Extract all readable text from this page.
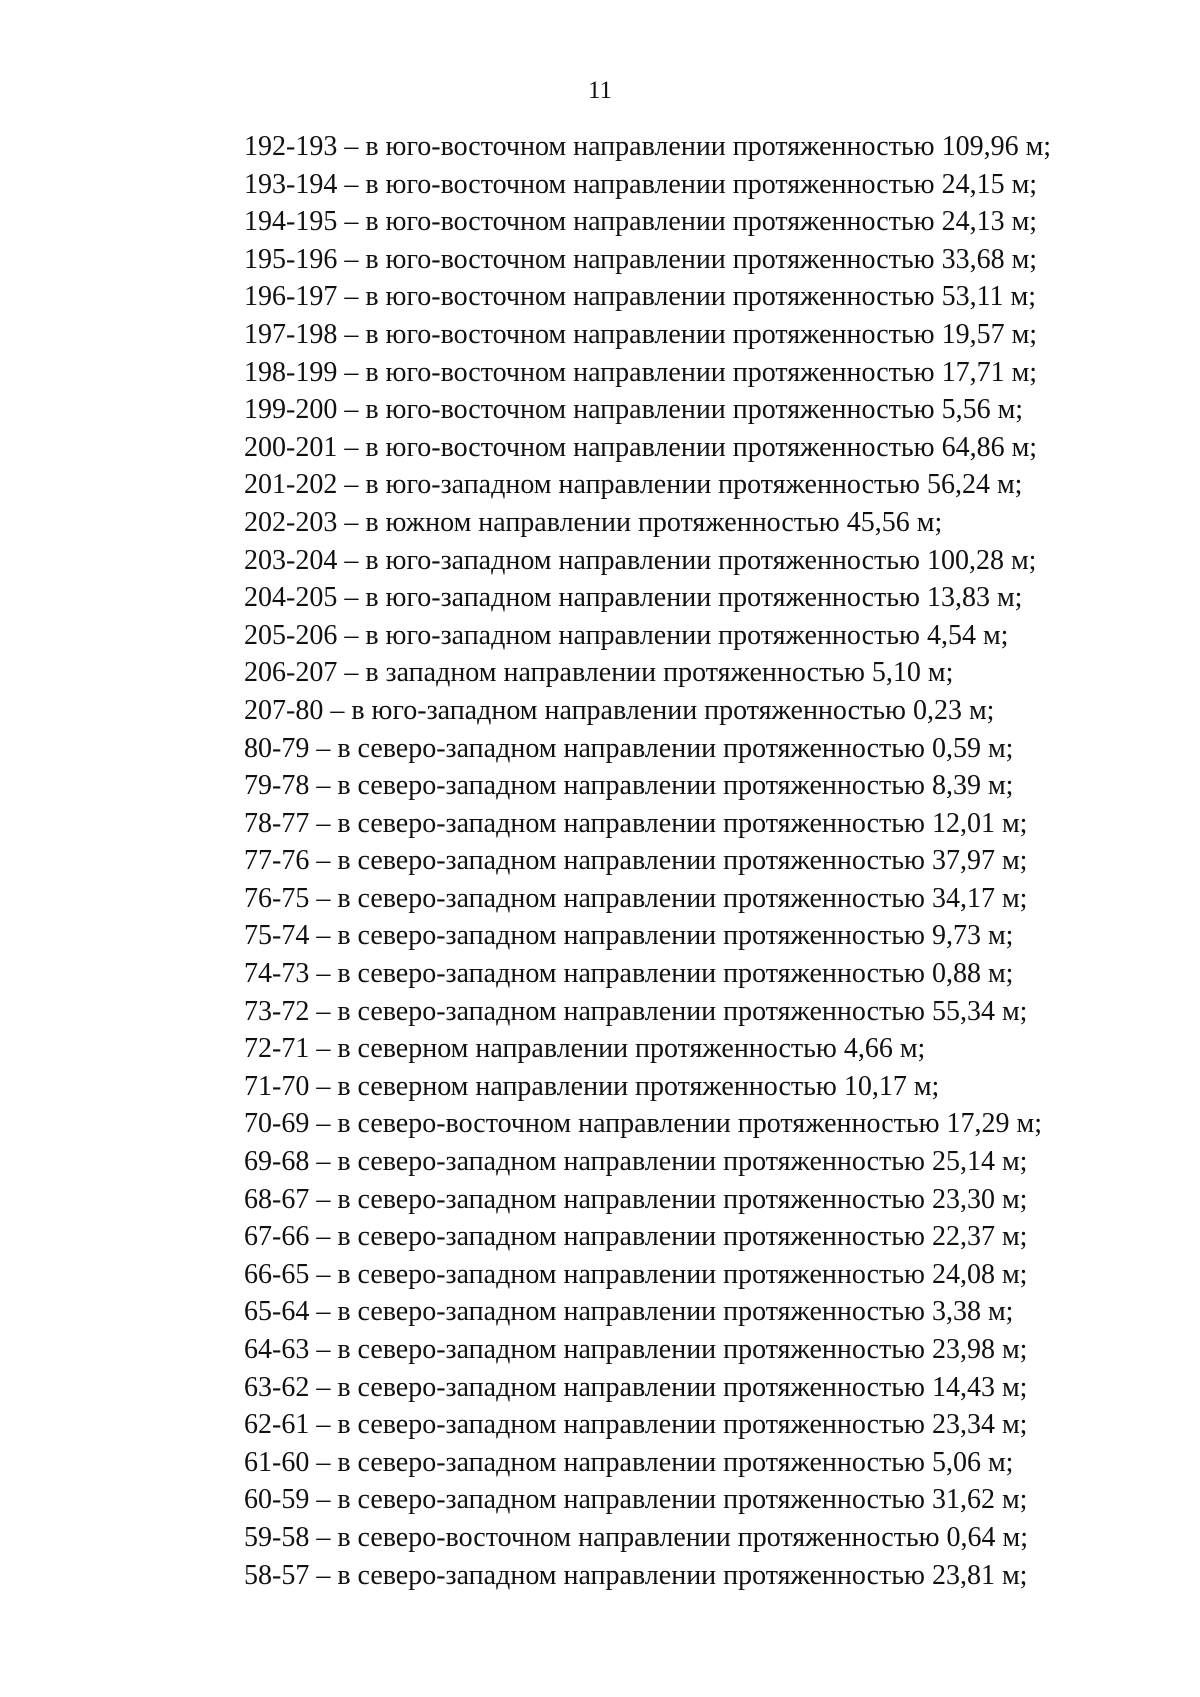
11
192-193 – в юго-восточном направлении протяженностью 109,96 м;
193-194 – в юго-восточном направлении протяженностью 24,15 м;
194-195 – в юго-восточном направлении протяженностью 24,13 м;
195-196 – в юго-восточном направлении протяженностью 33,68 м;
196-197 – в юго-восточном направлении протяженностью 53,11 м;
197-198 – в юго-восточном направлении протяженностью 19,57 м;
198-199 – в юго-восточном направлении протяженностью 17,71 м;
199-200 – в юго-восточном направлении протяженностью 5,56 м;
200-201 – в юго-восточном направлении протяженностью 64,86 м;
201-202 – в юго-западном направлении протяженностью 56,24 м;
202-203 – в южном направлении протяженностью 45,56 м;
203-204 – в юго-западном направлении протяженностью 100,28 м;
204-205 – в юго-западном направлении протяженностью 13,83 м;
205-206 – в юго-западном направлении протяженностью 4,54 м;
206-207 – в западном направлении протяженностью 5,10 м;
207-80 – в юго-западном направлении протяженностью 0,23 м;
80-79 – в северо-западном направлении протяженностью 0,59 м;
79-78 – в северо-западном направлении протяженностью 8,39 м;
78-77 – в северо-западном направлении протяженностью 12,01 м;
77-76 – в северо-западном направлении протяженностью 37,97 м;
76-75 – в северо-западном направлении протяженностью 34,17 м;
75-74 – в северо-западном направлении протяженностью 9,73 м;
74-73 – в северо-западном направлении протяженностью 0,88 м;
73-72 – в северо-западном направлении протяженностью 55,34 м;
72-71 – в северном направлении протяженностью 4,66 м;
71-70 – в северном направлении протяженностью 10,17 м;
70-69 – в северо-восточном направлении протяженностью 17,29 м;
69-68 – в северо-западном направлении протяженностью 25,14 м;
68-67 – в северо-западном направлении протяженностью 23,30 м;
67-66 – в северо-западном направлении протяженностью 22,37 м;
66-65 – в северо-западном направлении протяженностью 24,08 м;
65-64 – в северо-западном направлении протяженностью 3,38 м;
64-63 – в северо-западном направлении протяженностью 23,98 м;
63-62 – в северо-западном направлении протяженностью 14,43 м;
62-61 – в северо-западном направлении протяженностью 23,34 м;
61-60 – в северо-западном направлении протяженностью 5,06 м;
60-59 – в северо-западном направлении протяженностью 31,62 м;
59-58 – в северо-восточном направлении протяженностью 0,64 м;
58-57 – в северо-западном направлении протяженностью 23,81 м;
